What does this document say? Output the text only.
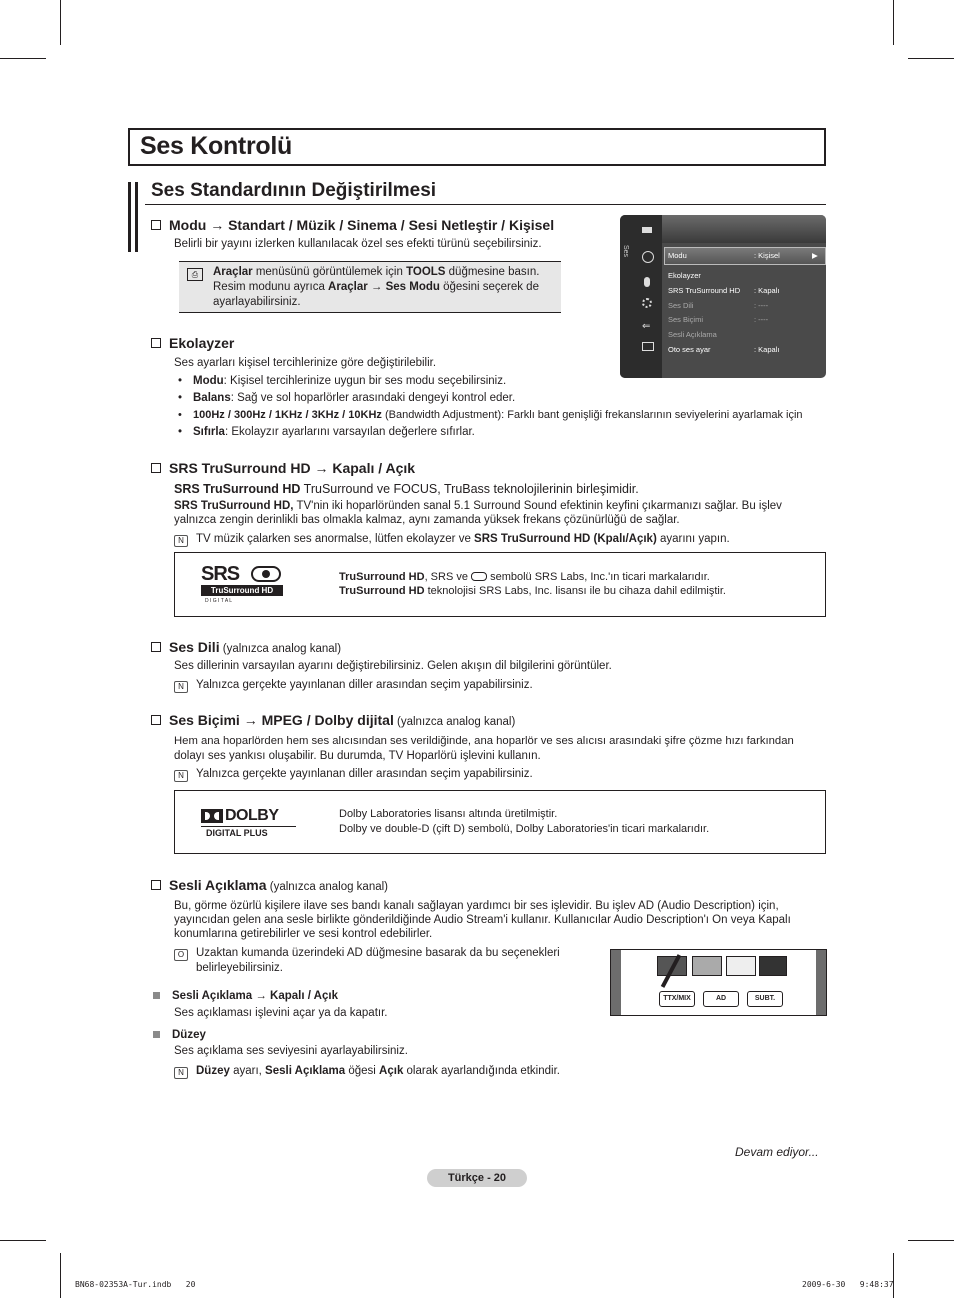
Ses Kontrolü
Ses Standardının Değiştirilmesi
Modu → Standart / Müzik / Sinema / Sesi Netleştir / Kişisel
Belirli bir yayını izlerken kullanılacak özel ses efekti türünü seçebilirsiniz.
⎙	Araçlar menüsünü görüntülemek için TOOLS düğmesine basın.
Resim modunu ayrıca Araçlar → Ses Modu öğesini seçerek de
ayarlayabilirsiniz.
⇐
Ses	Modu	: Kişisel	▶
Ekolayzer
SRS TruSurround HD : Kapalı
Ses Dili	: ----
Ses Biçimi	: ----
Sesli Açıklama
Oto ses ayar	: Kapalı
Ekolayzer
Ses ayarları kişisel tercihlerinize göre değiştirilebilir.
• Modu: Kişisel tercihlerinize uygun bir ses modu seçebilirsiniz.
• Balans: Sağ ve sol hoparlörler arasındaki dengeyi kontrol eder.
• 100Hz / 300Hz / 1KHz / 3KHz / 10KHz (Bandwidth Adjustment): Farklı bant genişliği frekanslarının seviyelerini ayarlamak için
• Sıfırla: Ekolayzır ayarlarını varsayılan değerlere sıfırlar.
SRS TruSurround HD → Kapalı / Açık
SRS TruSurround HD TruSurround ve FOCUS, TruBass teknolojilerinin birleşimidir.
SRS TruSurround HD, TV'nin iki hoparlöründen sanal 5.1 Surround Sound efektinin keyfini çıkarmanızı sağlar. Bu işlev
yalnızca zengin derinlikli bas olmakla kalmaz, aynı zamanda yüksek frekans çözünürlüğü de sağlar.
N TV müzik çalarken ses anormalse, lütfen ekolayzer ve SRS TruSurround HD (Kpalı/Açık) ayarını yapın.
SRS
TruSurround HD
D I G I T A L
TruSurround HD, SRS ve  sembolü SRS Labs, Inc.'ın ticari markalarıdır.
TruSurround HD teknolojisi SRS Labs, Inc. lisansı ile bu cihaza dahil edilmiştir.
Ses Dili (yalnızca analog kanal)
Ses dillerinin varsayılan ayarını değiştirebilirsiniz. Gelen akışın dil bilgilerini görüntüler.
N Yalnızca gerçekte yayınlanan diller arasından seçim yapabilirsiniz.
Ses Biçimi → MPEG / Dolby dijital (yalnızca analog kanal)
Hem ana hoparlörden hem ses alıcısından ses verildiğinde, ana hoparlör ve ses alıcısı arasındaki şifre çözme hızı farkından
dolayı ses yankısı oluşabilir. Bu durumda, TV Hoparlörü işlevini kullanın.
N Yalnızca gerçekte yayınlanan diller arasından seçim yapabilirsiniz.
DOLBY
DIGITAL PLUS
Dolby Laboratories lisansı altında üretilmiştir.
Dolby ve double-D (çift D) sembolü, Dolby Laboratories'in ticari markalarıdır.
Sesli Açıklama (yalnızca analog kanal)
Bu, görme özürlü kişilere ilave ses bandı kanalı sağlayan yardımcı bir ses işlevidir. Bu işlev AD (Audio Description) için,
yayıncıdan gelen ana sesle birlikte gönderildiğinde Audio Stream'i kullanır. Kullanıcılar Audio Description'ı On veya Kapalı
konumlarına getirebilirler ve sesi kontrol edebilirler.
O Uzaktan kumanda üzerindeki AD düğmesine basarak da bu seçenekleri
belirleyebilirsiniz.
TTX/MIX	AD	SUBT.
Sesli Açıklama → Kapalı / Açık
Ses açıklaması işlevini açar ya da kapatır.
Düzey
Ses açıklama ses seviyesini ayarlayabilirsiniz.
N Düzey ayarı, Sesli Açıklama öğesi Açık olarak ayarlandığında etkindir.
Devam ediyor...
Türkçe - 20
BN68-02353A-Tur.indb   20	2009-6-30   9:48:37
